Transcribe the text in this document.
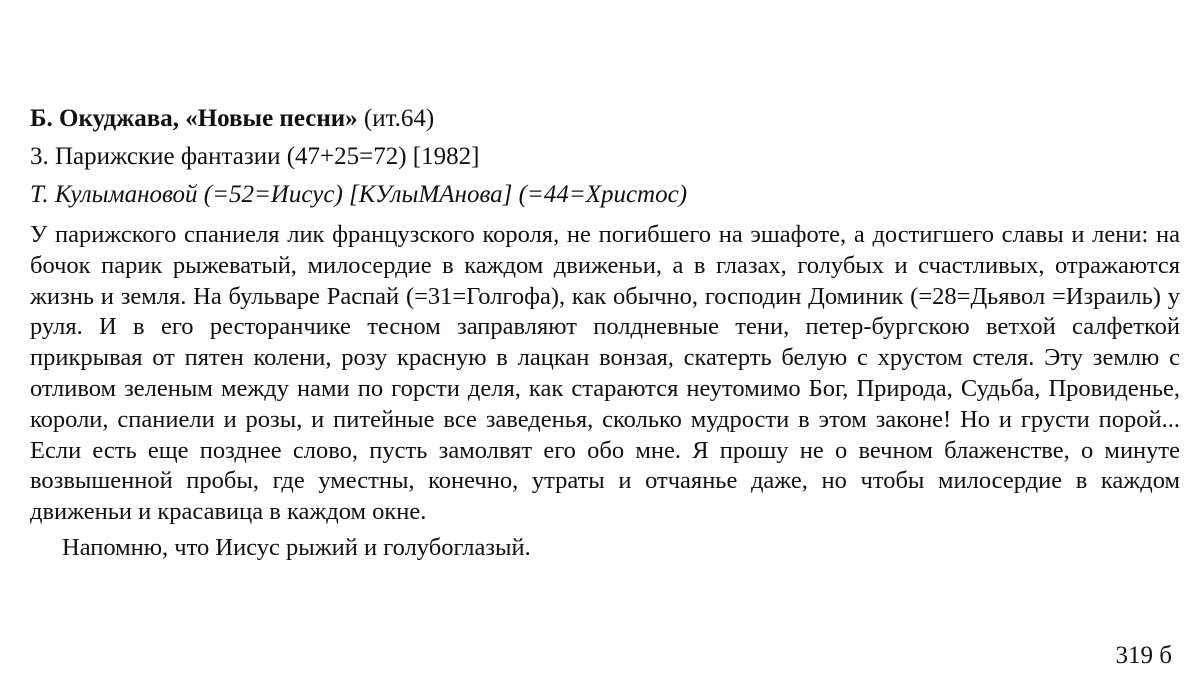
Б. Окуджава, «Новые песни» (ит.64)
3. Парижские фантазии (47+25=72) [1982]
Т. Кулымановой (=52=Иисус) [КУлыМАнова] (=44=Христос)
У парижского спаниеля лик французского короля, не погибшего на эшафоте, а достигшего славы и лени: на бочок парик рыжеватый, милосердие в каждом движеньи, а в глазах, голубых и счастливых, отражаются жизнь и земля. На бульваре Распай (=31=Голгофа), как обычно, господин Доминик (=28=Дьявол =Израиль) у руля. И в его ресторанчике тесном заправляют полдневные тени, петер-бургскою ветхой салфеткой прикрывая от пятен колени, розу красную в лацкан вонзая, скатерть белую с хрустом стеля. Эту землю с отливом зеленым между нами по горсти деля, как стараются неутомимо Бог, Природа, Судьба, Провиденье, короли, спаниели и розы, и питейные все заведенья, сколько мудрости в этом законе! Но и грусти порой... Если есть еще позднее слово, пусть замолвят его обо мне. Я прошу не о вечном блаженстве, о минуте возвышенной пробы, где уместны, конечно, утраты и отчаянье даже, но чтобы милосердие в каждом движеньи и красавица в каждом окне.
Напомню, что Иисус рыжий и голубоглазый.
319 б
